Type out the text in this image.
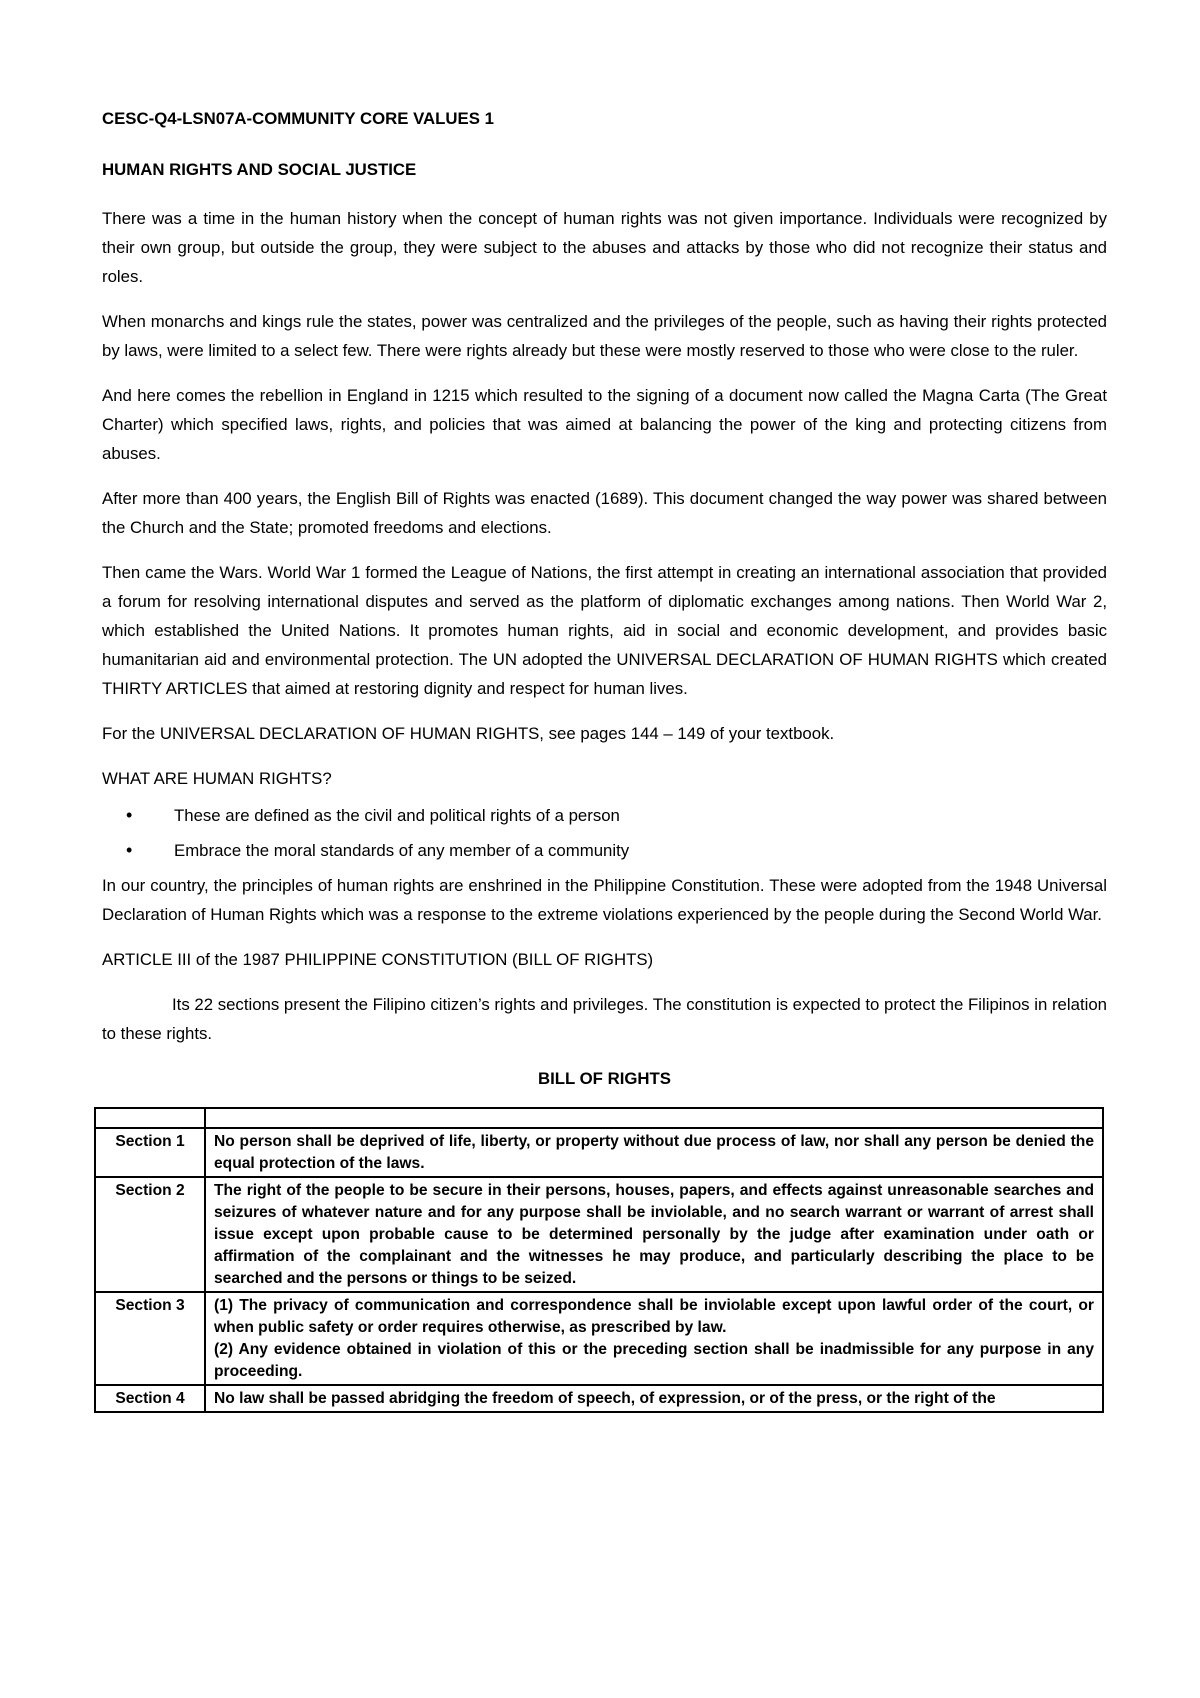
CESC-Q4-LSN07A-COMMUNITY CORE VALUES 1

HUMAN RIGHTS AND SOCIAL JUSTICE

There was a time in the human history when the concept of human rights was not given importance. Individuals were recognized by their own group, but outside the group, they were subject to the abuses and attacks by those who did not recognize their status and roles.

When monarchs and kings rule the states, power was centralized and the privileges of the people, such as having their rights protected by laws, were limited to a select few. There were rights already but these were mostly reserved to those who were close to the ruler.

And here comes the rebellion in England in 1215 which resulted to the signing of a document now called the Magna Carta (The Great Charter) which specified laws, rights, and policies that was aimed at balancing the power of the king and protecting citizens from abuses.

After more than 400 years, the English Bill of Rights was enacted (1689). This document changed the way power was shared between the Church and the State; promoted freedoms and elections.

Then came the Wars. World War 1 formed the League of Nations, the first attempt in creating an international association that provided a forum for resolving international disputes and served as the platform of diplomatic exchanges among nations. Then World War 2, which established the United Nations. It promotes human rights, aid in social and economic development, and provides basic humanitarian aid and environmental protection. The UN adopted the UNIVERSAL DECLARATION OF HUMAN RIGHTS which created THIRTY ARTICLES that aimed at restoring dignity and respect for human lives.

For the UNIVERSAL DECLARATION OF HUMAN RIGHTS, see pages 144 – 149 of your textbook.

WHAT ARE HUMAN RIGHTS?

• These are defined as the civil and political rights of a person
• Embrace the moral standards of any member of a community

In our country, the principles of human rights are enshrined in the Philippine Constitution. These were adopted from the 1948 Universal Declaration of Human Rights which was a response to the extreme violations experienced by the people during the Second World War.

ARTICLE III of the 1987 PHILIPPINE CONSTITUTION (BILL OF RIGHTS)

Its 22 sections present the Filipino citizen’s rights and privileges. The constitution is expected to protect the Filipinos in relation to these rights.

BILL OF RIGHTS

Section 1	No person shall be deprived of life, liberty, or property without due process of law, nor shall any person be denied the equal protection of the laws.

Section 2	The right of the people to be secure in their persons, houses, papers, and effects against unreasonable searches and seizures of whatever nature and for any purpose shall be inviolable, and no search warrant or warrant of arrest shall issue except upon probable cause to be determined personally by the judge after examination under oath or affirmation of the complainant and the witnesses he may produce, and particularly describing the place to be searched and the persons or things to be seized.

Section 3	(1) The privacy of communication and correspondence shall be inviolable except upon lawful order of the court, or when public safety or order requires otherwise, as prescribed by law.
(2) Any evidence obtained in violation of this or the preceding section shall be inadmissible for any purpose in any proceeding.

Section 4	No law shall be passed abridging the freedom of speech, of expression, or of the press, or the right of the
